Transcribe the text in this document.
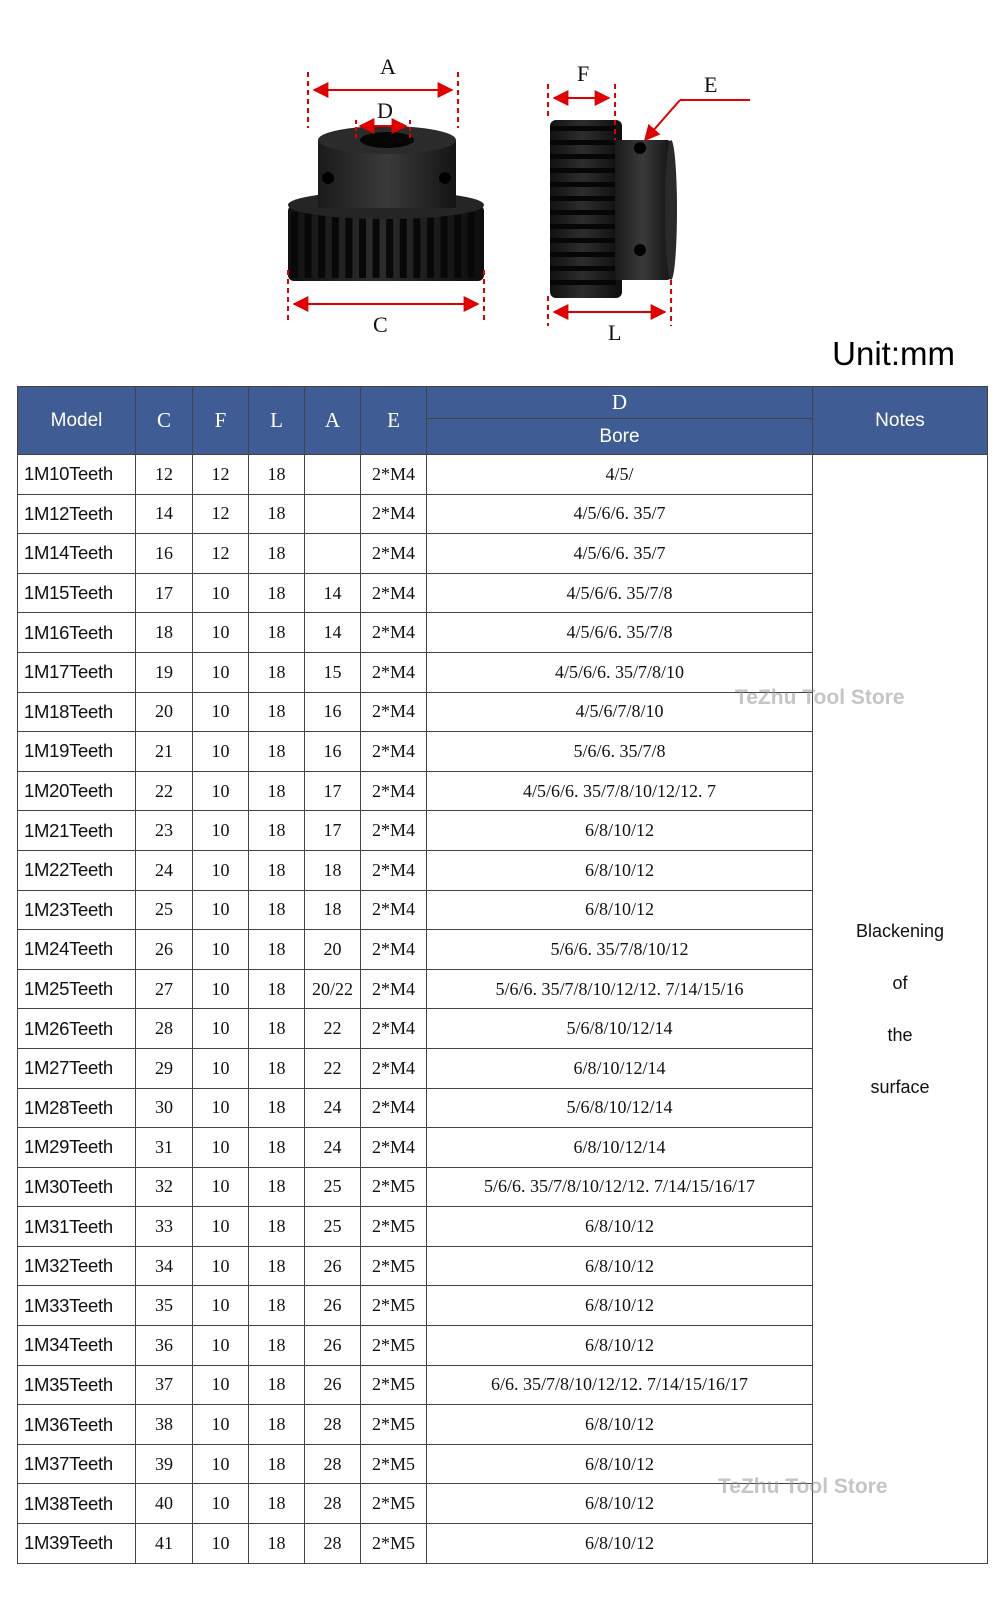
A
D
C
F	E
L
Unit:mm
Model	C	F	L	A	E	D	Notes
						Bore	
1M10Teeth	12	12	18		2*M4	4/5/	Blackening
of
the
surface

1M12Teeth	14	12	18		2*M4	4/5/6/6. 35/7	
1M14Teeth	16	12	18		2*M4	4/5/6/6. 35/7	
1M15Teeth	17	10	18	14	2*M4	4/5/6/6. 35/7/8	
1M16Teeth	18	10	18	14	2*M4	4/5/6/6. 35/7/8	
1M17Teeth	19	10	18	15	2*M4	4/5/6/6. 35/7/8/10	
1M18Teeth	20	10	18	16	2*M4	4/5/6/7/8/10	
1M19Teeth	21	10	18	16	2*M4	5/6/6. 35/7/8	
1M20Teeth	22	10	18	17	2*M4	4/5/6/6. 35/7/8/10/12/12. 7	
1M21Teeth	23	10	18	17	2*M4	6/8/10/12	
1M22Teeth	24	10	18	18	2*M4	6/8/10/12	
1M23Teeth	25	10	18	18	2*M4	6/8/10/12	
1M24Teeth	26	10	18	20	2*M4	5/6/6. 35/7/8/10/12	
1M25Teeth	27	10	18	20/22	2*M4	5/6/6. 35/7/8/10/12/12. 7/14/15/16	
1M26Teeth	28	10	18	22	2*M4	5/6/8/10/12/14	
1M27Teeth	29	10	18	22	2*M4	6/8/10/12/14	
1M28Teeth	30	10	18	24	2*M4	5/6/8/10/12/14	
1M29Teeth	31	10	18	24	2*M4	6/8/10/12/14	
1M30Teeth	32	10	18	25	2*M5	5/6/6. 35/7/8/10/12/12. 7/14/15/16/17	
1M31Teeth	33	10	18	25	2*M5	6/8/10/12	
1M32Teeth	34	10	18	26	2*M5	6/8/10/12	
1M33Teeth	35	10	18	26	2*M5	6/8/10/12	
1M34Teeth	36	10	18	26	2*M5	6/8/10/12	
1M35Teeth	37	10	18	26	2*M5	6/6. 35/7/8/10/12/12. 7/14/15/16/17	
1M36Teeth	38	10	18	28	2*M5	6/8/10/12	
1M37Teeth	39	10	18	28	2*M5	6/8/10/12	
1M38Teeth	40	10	18	28	2*M5	6/8/10/12	
1M39Teeth	41	10	18	28	2*M5	6/8/10/12	
TeZhu Tool Store
TeZhu Tool Store
